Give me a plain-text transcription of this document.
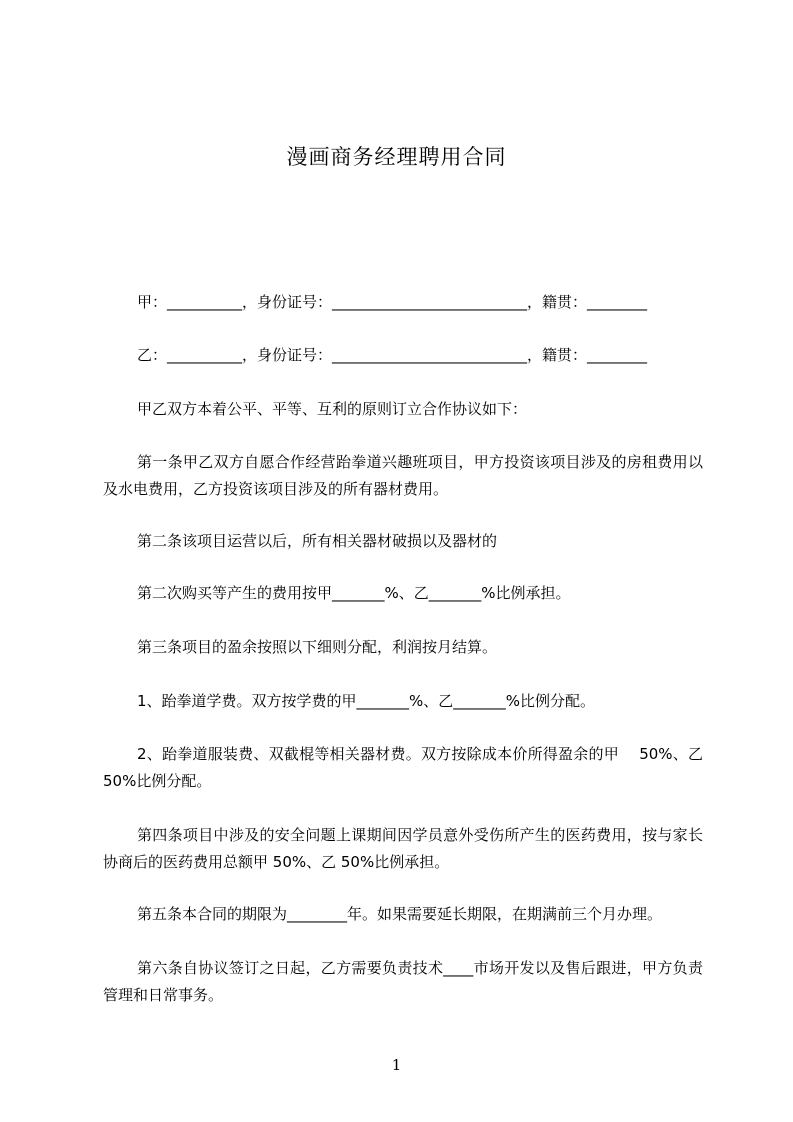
漫画商务经理聘用合同
甲：__________，身份证号：__________________________，籍贯：________
乙：__________，身份证号：__________________________，籍贯：________
甲乙双方本着公平、平等、互利的原则订立合作协议如下：
第一条甲乙双方自愿合作经营跆拳道兴趣班项目，甲方投资该项目涉及的房租费用以及水电费用，乙方投资该项目涉及的所有器材费用。
第二条该项目运营以后，所有相关器材破损以及器材的
第二次购买等产生的费用按甲_______%、乙_______%比例承担。
第三条项目的盈余按照以下细则分配，利润按月结算。
1、跆拳道学费。双方按学费的甲_______%、乙_______%比例分配。
2、跆拳道服装费、双截棍等相关器材费。双方按除成本价所得盈余的甲　 50%、乙50%比例分配。
第四条项目中涉及的安全问题上课期间因学员意外受伤所产生的医药费用，按与家长协商后的医药费用总额甲 50%、乙 50%比例承担。
第五条本合同的期限为________年。如果需要延长期限，在期满前三个月办理。
第六条自协议签订之日起，乙方需要负责技术____市场开发以及售后跟进，甲方负责管理和日常事务。
1
